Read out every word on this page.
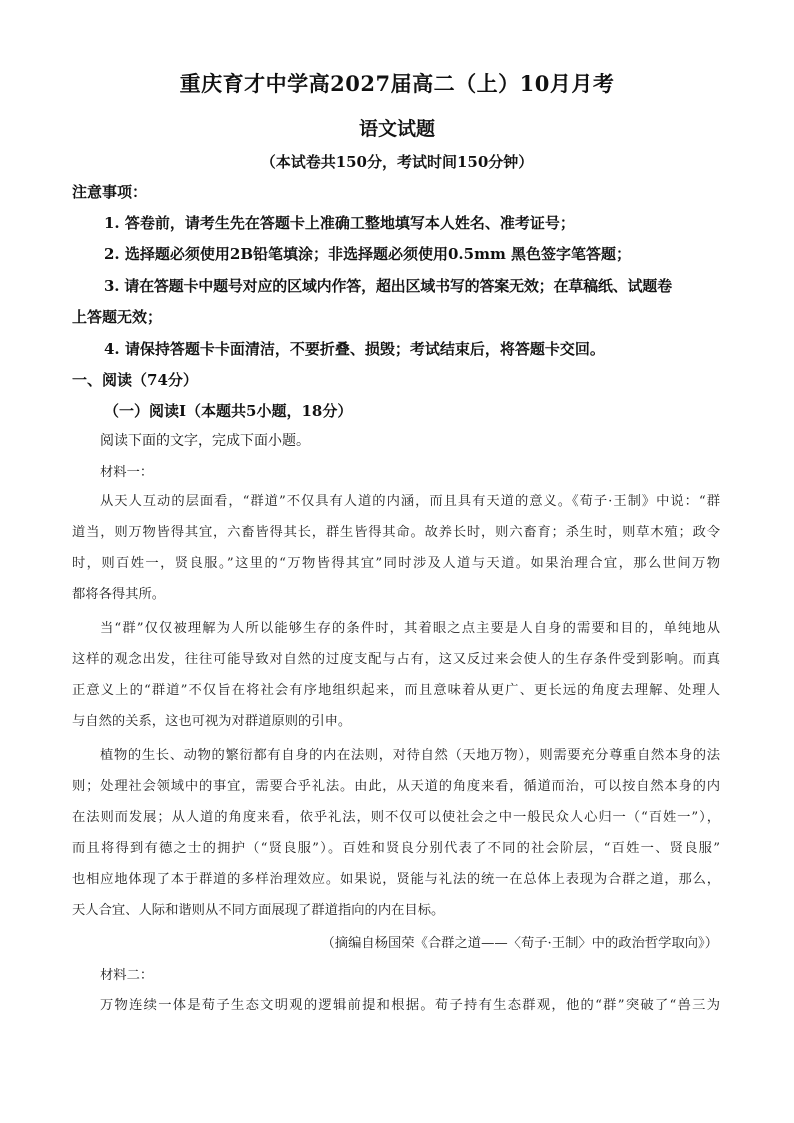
重庆育才中学高2027届高二（上）10月月考
语文试题
（本试卷共150分，考试时间150分钟）
注意事项：
1. 答卷前，请考生先在答题卡上准确工整地填写本人姓名、准考证号；
2. 选择题必须使用2B铅笔填涂；非选择题必须使用0.5mm 黑色签字笔答题；
3. 请在答题卡中题号对应的区域内作答，超出区域书写的答案无效；在草稿纸、试题卷
上答题无效；
4. 请保持答题卡卡面清洁，不要折叠、损毁；考试结束后，将答题卡交回。
一、阅读（74分）
（一）阅读Ⅰ（本题共5小题，18分）
阅读下面的文字，完成下面小题。
材料一：
从天人互动的层面看，“群道”不仅具有人道的内涵，而且具有天道的意义。《荀子·王制》中说：“群
道当，则万物皆得其宜，六畜皆得其长，群生皆得其命。故养长时，则六畜育；杀生时，则草木殖；政令
时，则百姓一，贤良服。”这里的“万物皆得其宜”同时涉及人道与天道。如果治理合宜，那么世间万物
都将各得其所。
当“群”仅仅被理解为人所以能够生存的条件时，其着眼之点主要是人自身的需要和目的，单纯地从
这样的观念出发，往往可能导致对自然的过度支配与占有，这又反过来会使人的生存条件受到影响。而真
正意义上的“群道”不仅旨在将社会有序地组织起来，而且意味着从更广、更长远的角度去理解、处理人
与自然的关系，这也可视为对群道原则的引申。
植物的生长、动物的繁衍都有自身的内在法则，对待自然（天地万物），则需要充分尊重自然本身的法
则；处理社会领域中的事宜，需要合乎礼法。由此，从天道的角度来看，循道而治，可以按自然本身的内
在法则而发展；从人道的角度来看，依乎礼法，则不仅可以使社会之中一般民众人心归一（“百姓一”），
而且将得到有德之士的拥护（“贤良服”）。百姓和贤良分别代表了不同的社会阶层，“百姓一、贤良服”
也相应地体现了本于群道的多样治理效应。如果说，贤能与礼法的统一在总体上表现为合群之道，那么，
天人合宜、人际和谐则从不同方面展现了群道指向的内在目标。
（摘编自杨国荣《合群之道——〈荀子·王制〉中的政治哲学取向》）
材料二：
万物连续一体是荀子生态文明观的逻辑前提和根据。荀子持有生态群观，他的“群”突破了“兽三为
